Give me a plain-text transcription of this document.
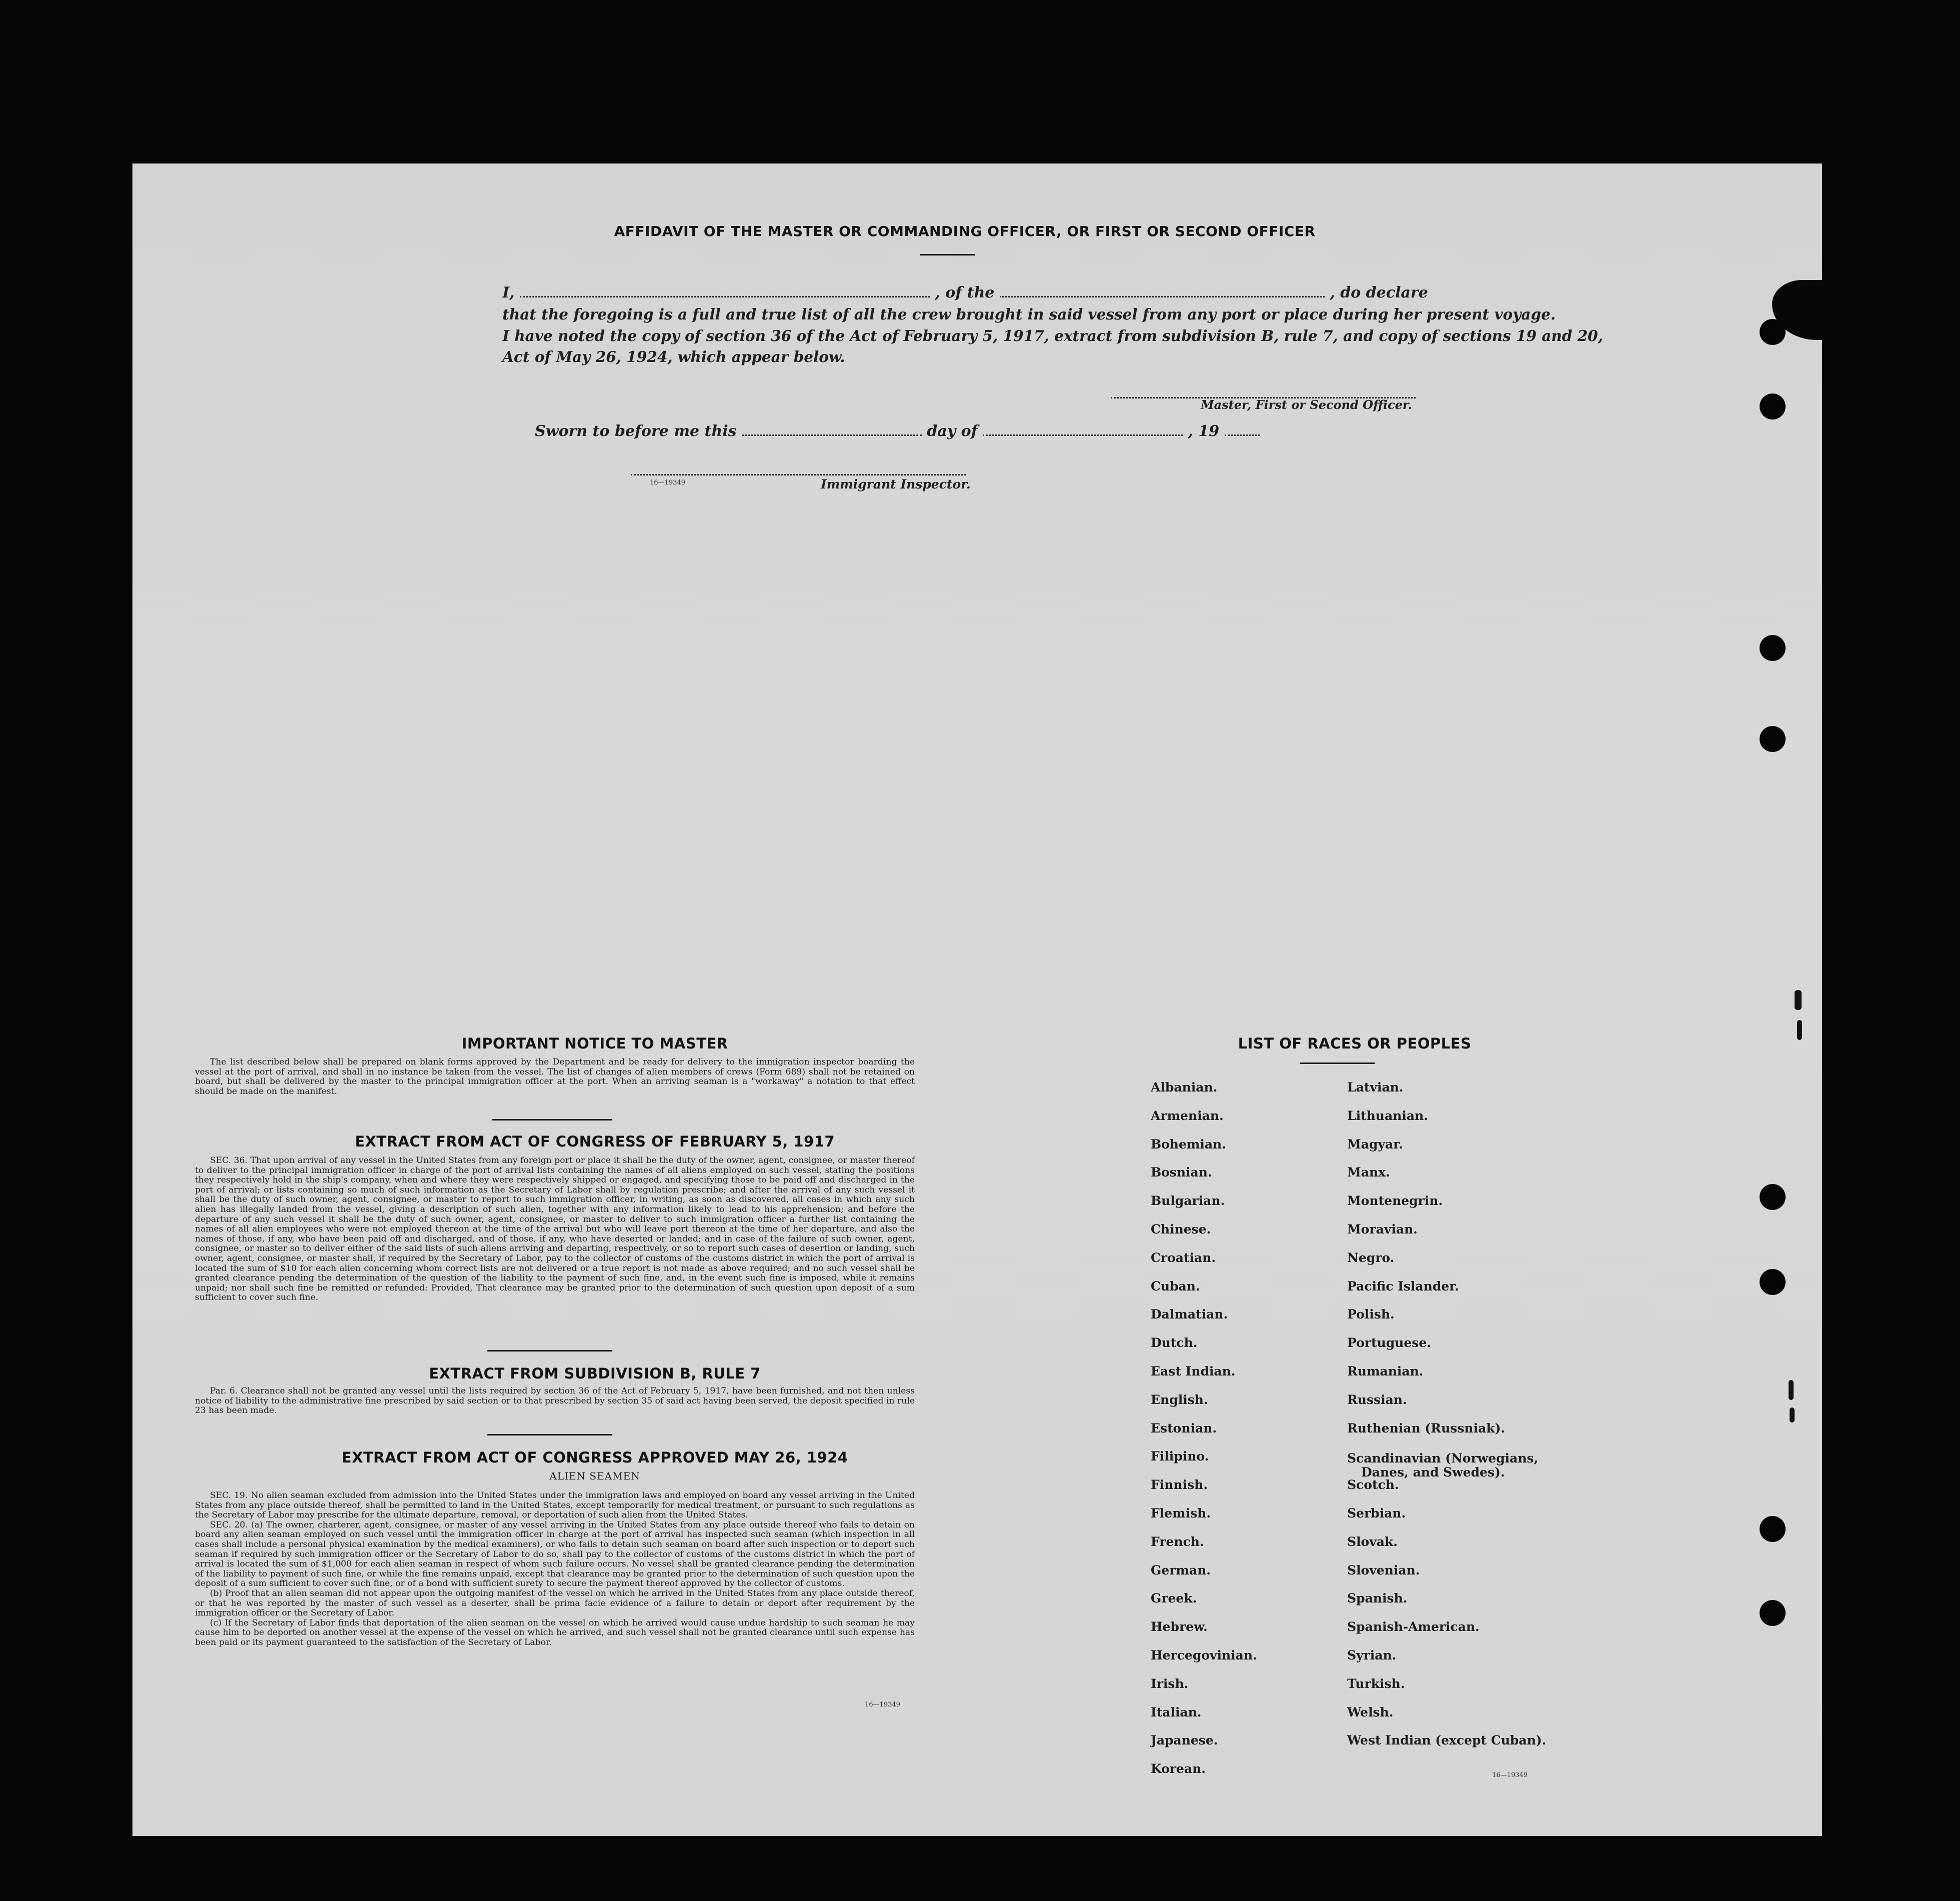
AFFIDAVIT OF THE MASTER OR COMMANDING OFFICER, OR FIRST OR SECOND OFFICER
I,	, of the	, do declare
that the foregoing is a full and true list of all the crew brought in said vessel from any port or place during her present voyage.
I have noted the copy of section 36 of the Act of February 5, 1917, extract from subdivision B, rule 7, and copy of sections 19 and 20,
Act of May 26, 1924, which appear below.
Master, First or Second Officer.
Sworn to before me this	day of	, 19
16—19349	Immigrant Inspector.
IMPORTANT NOTICE TO MASTER

The list described below shall be prepared on blank forms approved by the Department and be ready for delivery to the immigration inspector boarding the vessel at the port of arrival, and shall in no instance be taken from the vessel. The list of changes of alien members of crews (Form 689) shall not be retained on board, but shall be delivered by the master to the principal immigration officer at the port. When an arriving seaman is a "workaway" a notation to that effect should be made on the manifest.

EXTRACT FROM ACT OF CONGRESS OF FEBRUARY 5, 1917

SEC. 36. That upon arrival of any vessel in the United States from any foreign port or place it shall be the duty of the owner, agent, consignee, or master thereof to deliver to the principal immigration officer in charge of the port of arrival lists containing the names of all aliens employed on such vessel, stating the positions they respectively hold in the ship's company, when and where they were respectively shipped or engaged, and specifying those to be paid off and discharged in the port of arrival; or lists containing so much of such information as the Secretary of Labor shall by regulation prescribe; and after the arrival of any such vessel it shall be the duty of such owner, agent, consignee, or master to report to such immigration officer, in writing, as soon as discovered, all cases in which any such alien has illegally landed from the vessel, giving a description of such alien, together with any information likely to lead to his apprehension; and before the departure of any such vessel it shall be the duty of such owner, agent, consignee, or master to deliver to such immigration officer a further list containing the names of all alien employees who were not employed thereon at the time of the arrival but who will leave port thereon at the time of her departure, and also the names of those, if any, who have been paid off and discharged, and of those, if any, who have deserted or landed; and in case of the failure of such owner, agent, consignee, or master so to deliver either of the said lists of such aliens arriving and departing, respectively, or so to report such cases of desertion or landing, such owner, agent, consignee, or master shall, if required by the Secretary of Labor, pay to the collector of customs of the customs district in which the port of arrival is located the sum of $10 for each alien concerning whom correct lists are not delivered or a true report is not made as above required; and no such vessel shall be granted clearance pending the determination of the question of the liability to the payment of such fine, and, in the event such fine is imposed, while it remains unpaid; nor shall such fine be remitted or refunded: Provided, That clearance may be granted prior to the determination of such question upon deposit of a sum sufficient to cover such fine.

EXTRACT FROM SUBDIVISION B, RULE 7

Par. 6. Clearance shall not be granted any vessel until the lists required by section 36 of the Act of February 5, 1917, have been furnished, and not then unless notice of liability to the administrative fine prescribed by said section or to that prescribed by section 35 of said act having been served, the deposit specified in rule 23 has been made.

EXTRACT FROM ACT OF CONGRESS APPROVED MAY 26, 1924
ALIEN SEAMEN

SEC. 19. No alien seaman excluded from admission into the United States under the immigration laws and employed on board any vessel arriving in the United States from any place outside thereof, shall be permitted to land in the United States, except temporarily for medical treatment, or pursuant to such regulations as the Secretary of Labor may prescribe for the ultimate departure, removal, or deportation of such alien from the United States.

SEC. 20. (a) The owner, charterer, agent, consignee, or master of any vessel arriving in the United States from any place outside thereof who fails to detain on board any alien seaman employed on such vessel until the immigration officer in charge at the port of arrival has inspected such seaman (which inspection in all cases shall include a personal physical examination by the medical examiners), or who fails to detain such seaman on board after such inspection or to deport such seaman if required by such immigration officer or the Secretary of Labor to do so, shall pay to the collector of customs of the customs district in which the port of arrival is located the sum of $1,000 for each alien seaman in respect of whom such failure occurs. No vessel shall be granted clearance pending the determination of the liability to payment of such fine, or while the fine remains unpaid, except that clearance may be granted prior to the determination of such question upon the deposit of a sum sufficient to cover such fine, or of a bond with sufficient surety to secure the payment thereof approved by the collector of customs.

(b) Proof that an alien seaman did not appear upon the outgoing manifest of the vessel on which he arrived in the United States from any place outside thereof, or that he was reported by the master of such vessel as a deserter, shall be prima facie evidence of a failure to detain or deport after requirement by the immigration officer or the Secretary of Labor.

(c) If the Secretary of Labor finds that deportation of the alien seaman on the vessel on which he arrived would cause undue hardship to such seaman he may cause him to be deported on another vessel at the expense of the vessel on which he arrived, and such vessel shall not be granted clearance until such expense has been paid or its payment guaranteed to the satisfaction of the Secretary of Labor.

16—19349
LIST OF RACES OR PEOPLES
Albanian.
Armenian.
Bohemian.
Bosnian.
Bulgarian.
Chinese.
Croatian.
Cuban.
Dalmatian.
Dutch.
East Indian.
English.
Estonian.
Filipino.
Finnish.
Flemish.
French.
German.
Greek.
Hebrew.
Hercegovinian.
Irish.
Italian.
Japanese.
Korean.
Latvian.
Lithuanian.
Magyar.
Manx.
Montenegrin.
Moravian.
Negro.
Pacific Islander.
Polish.
Portuguese.
Rumanian.
Russian.
Ruthenian (Russniak).
Scandinavian (Norwegians,
Danes, and Swedes).
Scotch.
Serbian.
Slovak.
Slovenian.
Spanish.
Spanish-American.
Syrian.
Turkish.
Welsh.
West Indian (except Cuban).
16—19349
